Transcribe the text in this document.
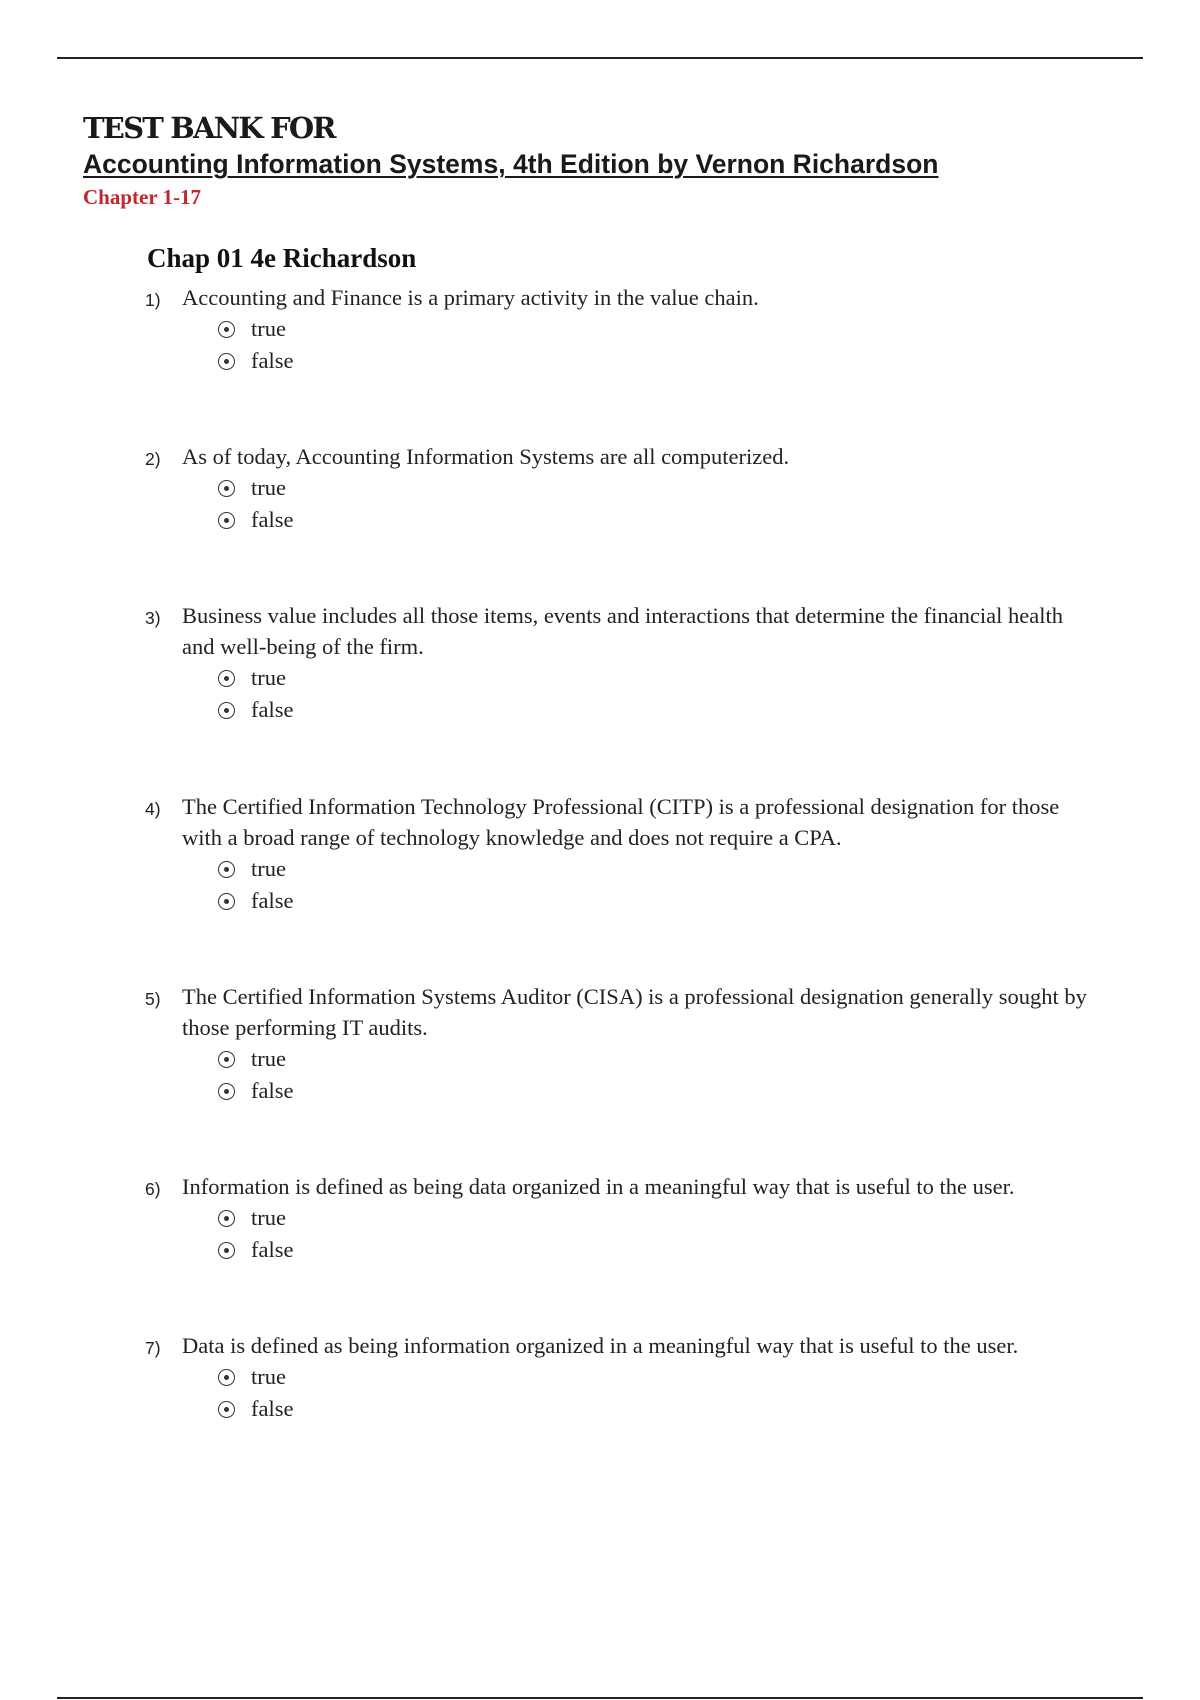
TEST BANK FOR
Accounting Information Systems, 4th Edition by Vernon Richardson
Chapter 1-17
Chap 01 4e Richardson
1) Accounting and Finance is a primary activity in the value chain.
true
false
2) As of today, Accounting Information Systems are all computerized.
true
false
3) Business value includes all those items, events and interactions that determine the financial health and well-being of the firm.
true
false
4) The Certified Information Technology Professional (CITP) is a professional designation for those with a broad range of technology knowledge and does not require a CPA.
true
false
5) The Certified Information Systems Auditor (CISA) is a professional designation generally sought by those performing IT audits.
true
false
6) Information is defined as being data organized in a meaningful way that is useful to the user.
true
false
7) Data is defined as being information organized in a meaningful way that is useful to the user.
true
false
